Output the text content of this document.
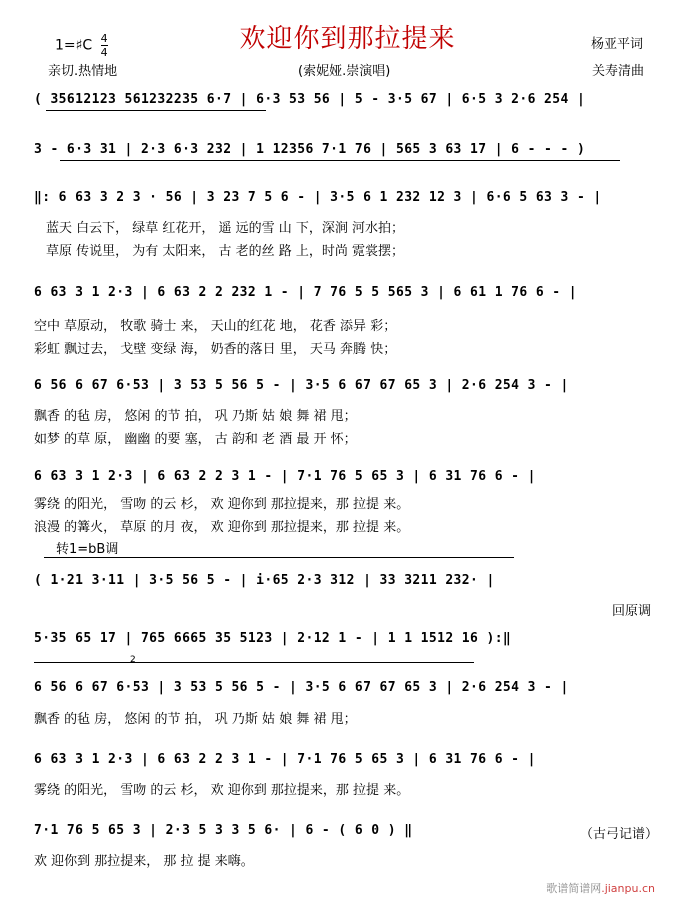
欢迎你到那拉提来
1=♯C $\frac{4}{4}$
亲切.热情地	(索妮娅.崇演唱)
杨亚平词
关寿清曲
( 35612123 561232235 6·7 | 6·3 53 56 | 5 - 3·5 67 | 6·5 3 2·6 254 |
3 - 6·3 31 | 2·3 6·3 232 | 1 12356 7·1 76 | 565 3 63 17 | 6 - - - )
‖: 6 63 3 2 3 · 56 | 3 23 7 5 6 - | 3·5 6 1 232 12 3 | 6·6 5 63 3 - |
蓝天 白云下， 绿草 红花开， 遥 远的雪 山 下，深涧 河水拍；
草原 传说里， 为有 太阳来， 古 老的丝 路 上，时尚 霓裳摆；
6 63 3 1 2·3 | 6 63 2 2 232 1 - | 7 76 5 5 565 3 | 6 61 1 76 6 - |
空中 草原动， 牧歌 骑士 来， 天山的红花 地， 花香 添异 彩；
彩虹 飘过去， 戈壁 变绿 海， 奶香的落日 里， 天马 奔腾 快；
6 56 6 67 6·53 | 3 53 5 56 5 - | 3·5 6 67 67 65 3 | 2·6 254 3 - |
飘香 的毡 房， 悠闲 的节 拍， 巩 乃斯 姑 娘 舞 裙 甩；
如梦 的草 原， 幽幽 的要 塞， 古 韵和 老 酒 最 开 怀；
6 63 3 1 2·3 | 6 63 2 2 3 1 - | 7·1 76 5 65 3 | 6 31 76 6 - |
雾绕 的阳光， 雪吻 的云 杉， 欢 迎你到 那拉提来，那 拉提 来。
浪漫 的篝火， 草原 的月 夜， 欢 迎你到 那拉提来，那 拉提 来。
转1=bB调
( 1·21 3·11 | 3·5 56 5 - | i·65 2·3 312 | 33 3211 232· |
回原调
5·35 65 17 | 765 6665 35 5123 | 2·12 1 - | 1 1 1512 16 ):‖
2
6 56 6 67 6·53 | 3 53 5 56 5 - | 3·5 6 67 67 65 3 | 2·6 254 3 - |
飘香 的毡 房， 悠闲 的节 拍， 巩 乃斯 姑 娘 舞 裙 甩；
6 63 3 1 2·3 | 6 63 2 2 3 1 - | 7·1 76 5 65 3 | 6 31 76 6 - |
雾绕 的阳光， 雪吻 的云 杉， 欢 迎你到 那拉提来，那 拉提 来。
7·1 76 5 65 3 | 2·3 5 3 3 5 6· | 6 - ( 6 0 ) ‖	（古弓记谱）
欢 迎你到 那拉提来， 那 拉 提 来嗨。
歌谱简谱网.jianpu.cn
